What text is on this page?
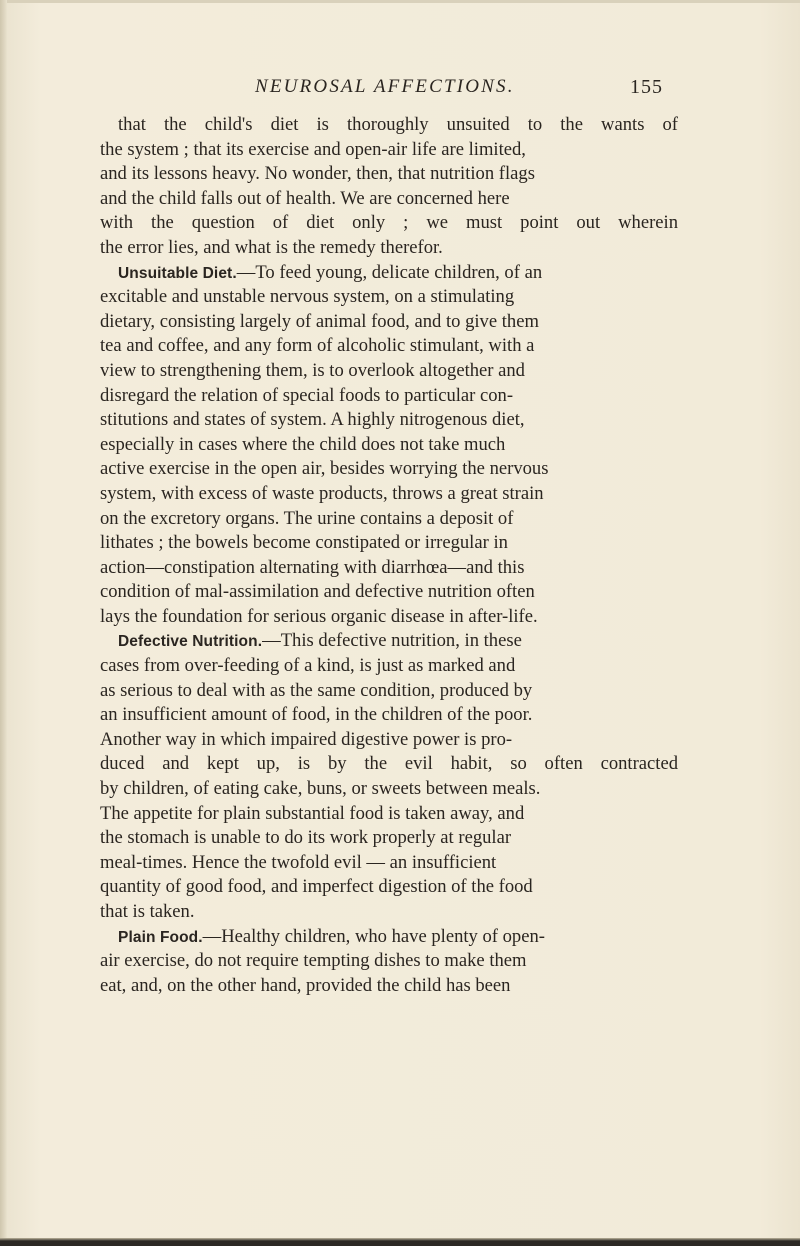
NEUROSAL AFFECTIONS.	155
that the child's diet is thoroughly unsuited to the wants of
the system ; that its exercise and open-air life are limited,
and its lessons heavy. No wonder, then, that nutrition flags
and the child falls out of health. We are concerned here
with the question of diet only ; we must point out wherein
the error lies, and what is the remedy therefor.
Unsuitable Diet.—To feed young, delicate children, of an
excitable and unstable nervous system, on a stimulating
dietary, consisting largely of animal food, and to give them
tea and coffee, and any form of alcoholic stimulant, with a
view to strengthening them, is to overlook altogether and
disregard the relation of special foods to particular con-
stitutions and states of system. A highly nitrogenous diet,
especially in cases where the child does not take much
active exercise in the open air, besides worrying the nervous
system, with excess of waste products, throws a great strain
on the excretory organs. The urine contains a deposit of
lithates ; the bowels become constipated or irregular in
action—constipation alternating with diarrhœa—and this
condition of mal-assimilation and defective nutrition often
lays the foundation for serious organic disease in after-life.
Defective Nutrition.—This defective nutrition, in these
cases from over-feeding of a kind, is just as marked and
as serious to deal with as the same condition, produced by
an insufficient amount of food, in the children of the poor.
Another way in which impaired digestive power is pro-
duced and kept up, is by the evil habit, so often contracted
by children, of eating cake, buns, or sweets between meals.
The appetite for plain substantial food is taken away, and
the stomach is unable to do its work properly at regular
meal-times. Hence the twofold evil — an insufficient
quantity of good food, and imperfect digestion of the food
that is taken.
Plain Food.—Healthy children, who have plenty of open-
air exercise, do not require tempting dishes to make them
eat, and, on the other hand, provided the child has been
